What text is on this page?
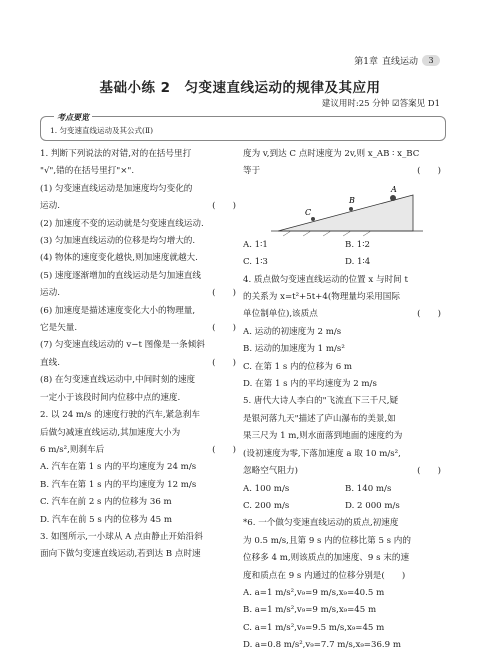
第1章 直线运动	3
基础小练 2　匀变速直线运动的规律及其应用
建议用时:25 分钟 ☑答案见 D1
考点要览
1. 匀变速直线运动及其公式(Ⅱ)
1. 判断下列说法的对错,对的在括号里打
"√",错的在括号里打"×".
(1) 匀变速直线运动是加速度均匀变化的
运动.	(　　)
(2) 加速度不变的运动就是匀变速直线运动.
(3) 匀加速直线运动的位移是均匀增大的.
(4) 物体的速度变化越快,则加速度就越大.
(5) 速度逐渐增加的直线运动是匀加速直线
运动.	(　　)
(6) 加速度是描述速度变化大小的物理量,
它是矢量.	(　　)
(7) 匀变速直线运动的 v−t 图像是一条倾斜
直线.	(　　)
(8) 在匀变速直线运动中,中间时刻的速度
一定小于该段时间内位移中点的速度.
2. 以 24 m/s 的速度行驶的汽车,紧急刹车
后做匀减速直线运动,其加速度大小为
6 m/s²,则刹车后	(　　)
A. 汽车在第 1 s 内的平均速度为 24 m/s
B. 汽车在第 1 s 内的平均速度为 12 m/s
C. 汽车在前 2 s 内的位移为 36 m
D. 汽车在前 5 s 内的位移为 45 m
3. 如图所示,一小球从 A 点由静止开始沿斜
面向下做匀变速直线运动,若到达 B 点时速
度为 v,到达 C 点时速度为 2v,则 x_AB ∶ x_BC
等于	(　　)
A
B
C
A. 1∶1	B. 1∶2
C. 1∶3	D. 1∶4
4. 质点做匀变速直线运动的位置 x 与时间 t
的关系为 x=t²+5t+4(物理量均采用国际
单位制单位),该质点	(　　)
A. 运动的初速度为 2 m/s
B. 运动的加速度为 1 m/s²
C. 在第 1 s 内的位移为 6 m
D. 在第 1 s 内的平均速度为 2 m/s
5. 唐代大诗人李白的"飞流直下三千尺,疑
是银河落九天"描述了庐山瀑布的美景,如
果三尺为 1 m,则水面落到地面的速度约为
(设初速度为零,下落加速度 a 取 10 m/s²,
忽略空气阻力)	(　　)
A. 100 m/s	B. 140 m/s
C. 200 m/s	D. 2 000 m/s
*6. 一个做匀变速直线运动的质点,初速度
为 0.5 m/s,且第 9 s 内的位移比第 5 s 内的
位移多 4 m,则该质点的加速度、9 s 末的速
度和质点在 9 s 内通过的位移分别是(　　)
A. a=1 m/s²,v₉=9 m/s,x₉=40.5 m
B. a=1 m/s²,v₉=9 m/s,x₉=45 m
C. a=1 m/s²,v₉=9.5 m/s,x₉=45 m
D. a=0.8 m/s²,v₉=7.7 m/s,x₉=36.9 m
